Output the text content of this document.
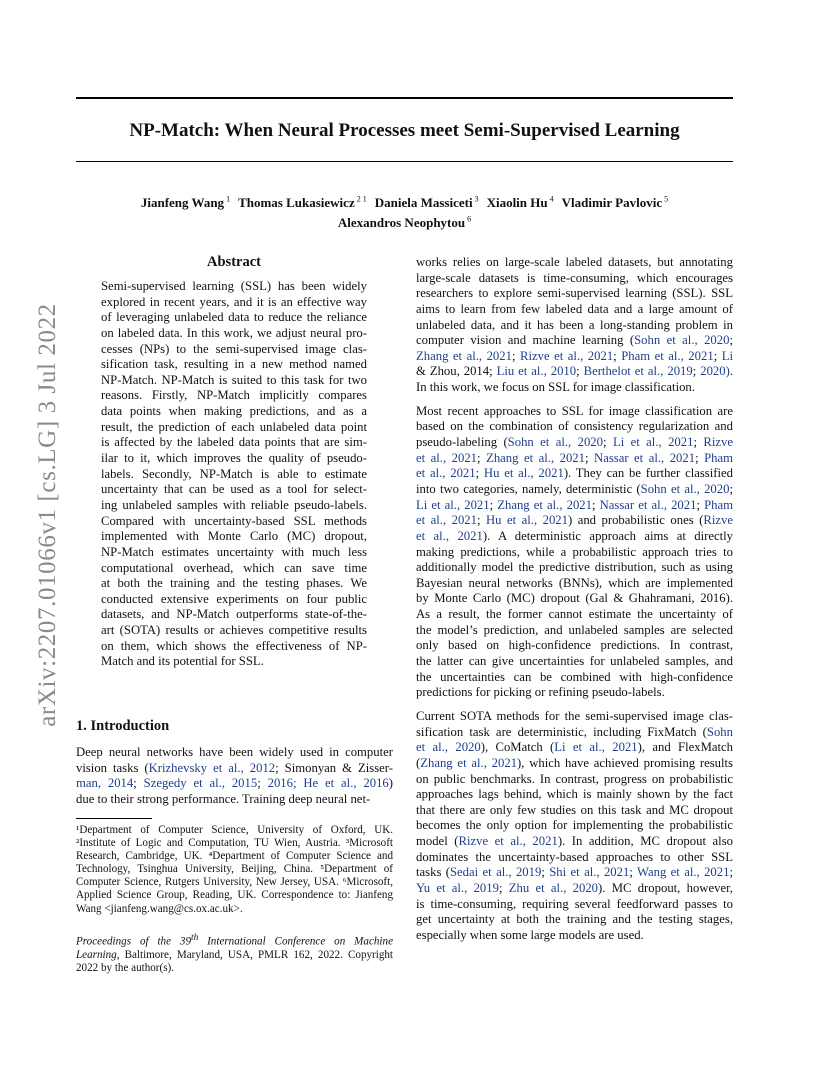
NP-Match: When Neural Processes meet Semi-Supervised Learning
Jianfeng Wang $^1$ Thomas Lukasiewicz $^{2 1}$ Daniela Massiceti $^3$ Xiaolin Hu $^4$ Vladimir Pavlovic $^5$
Alexandros Neophytou $^6$
arXiv:2207.01066v1 [cs.LG] 3 Jul 2022
Abstract
Semi-supervised learning (SSL) has been widely
explored in recent years, and it is an effective way
of leveraging unlabeled data to reduce the reliance
on labeled data. In this work, we adjust neural pro-
cesses (NPs) to the semi-supervised image clas-
sification task, resulting in a new method named
NP-Match. NP-Match is suited to this task for two
reasons. Firstly, NP-Match implicitly compares
data points when making predictions, and as a
result, the prediction of each unlabeled data point
is affected by the labeled data points that are sim-
ilar to it, which improves the quality of pseudo-
labels. Secondly, NP-Match is able to estimate
uncertainty that can be used as a tool for select-
ing unlabeled samples with reliable pseudo-labels.
Compared with uncertainty-based SSL methods
implemented with Monte Carlo (MC) dropout,
NP-Match estimates uncertainty with much less
computational overhead, which can save time
at both the training and the testing phases. We
conducted extensive experiments on four public
datasets, and NP-Match outperforms state-of-the-
art (SOTA) results or achieves competitive results
on them, which shows the effectiveness of NP-
Match and its potential for SSL.
1. Introduction
Deep neural networks have been widely used in computer
vision tasks (Krizhevsky et al., 2012; Simonyan & Zisser-
man, 2014; Szegedy et al., 2015; 2016; He et al., 2016)
due to their strong performance. Training deep neural net-
¹Department of Computer Science, University of Oxford, UK. ²Institute of Logic and Computation, TU Wien, Austria. ³Microsoft Research, Cambridge, UK. ⁴Department of Computer Science and Technology, Tsinghua University, Beijing, China. ⁵Department of Computer Science, Rutgers University, New Jersey, USA. ⁶Microsoft, Applied Science Group, Reading, UK. Correspondence to: Jianfeng Wang <jianfeng.wang@cs.ox.ac.uk>.
Proceedings of the 39th International Conference on Machine Learning, Baltimore, Maryland, USA, PMLR 162, 2022. Copyright 2022 by the author(s).
works relies on large-scale labeled datasets, but annotating
large-scale datasets is time-consuming, which encourages
researchers to explore semi-supervised learning (SSL). SSL
aims to learn from few labeled data and a large amount of
unlabeled data, and it has been a long-standing problem in
computer vision and machine learning (Sohn et al., 2020;
Zhang et al., 2021; Rizve et al., 2021; Pham et al., 2021; Li
& Zhou, 2014; Liu et al., 2010; Berthelot et al., 2019; 2020).
In this work, we focus on SSL for image classification.
Most recent approaches to SSL for image classification are
based on the combination of consistency regularization and
pseudo-labeling (Sohn et al., 2020; Li et al., 2021; Rizve
et al., 2021; Zhang et al., 2021; Nassar et al., 2021; Pham
et al., 2021; Hu et al., 2021). They can be further classified
into two categories, namely, deterministic (Sohn et al., 2020;
Li et al., 2021; Zhang et al., 2021; Nassar et al., 2021; Pham
et al., 2021; Hu et al., 2021) and probabilistic ones (Rizve
et al., 2021). A deterministic approach aims at directly
making predictions, while a probabilistic approach tries to
additionally model the predictive distribution, such as using
Bayesian neural networks (BNNs), which are implemented
by Monte Carlo (MC) dropout (Gal & Ghahramani, 2016).
As a result, the former cannot estimate the uncertainty of
the model’s prediction, and unlabeled samples are selected
only based on high-confidence predictions. In contrast,
the latter can give uncertainties for unlabeled samples, and
the uncertainties can be combined with high-confidence
predictions for picking or refining pseudo-labels.
Current SOTA methods for the semi-supervised image clas-
sification task are deterministic, including FixMatch (Sohn
et al., 2020), CoMatch (Li et al., 2021), and FlexMatch
(Zhang et al., 2021), which have achieved promising results
on public benchmarks. In contrast, progress on probabilistic
approaches lags behind, which is mainly shown by the fact
that there are only few studies on this task and MC dropout
becomes the only option for implementing the probabilistic
model (Rizve et al., 2021). In addition, MC dropout also
dominates the uncertainty-based approaches to other SSL
tasks (Sedai et al., 2019; Shi et al., 2021; Wang et al., 2021;
Yu et al., 2019; Zhu et al., 2020). MC dropout, however,
is time-consuming, requiring several feedforward passes to
get uncertainty at both the training and the testing stages,
especially when some large models are used.
